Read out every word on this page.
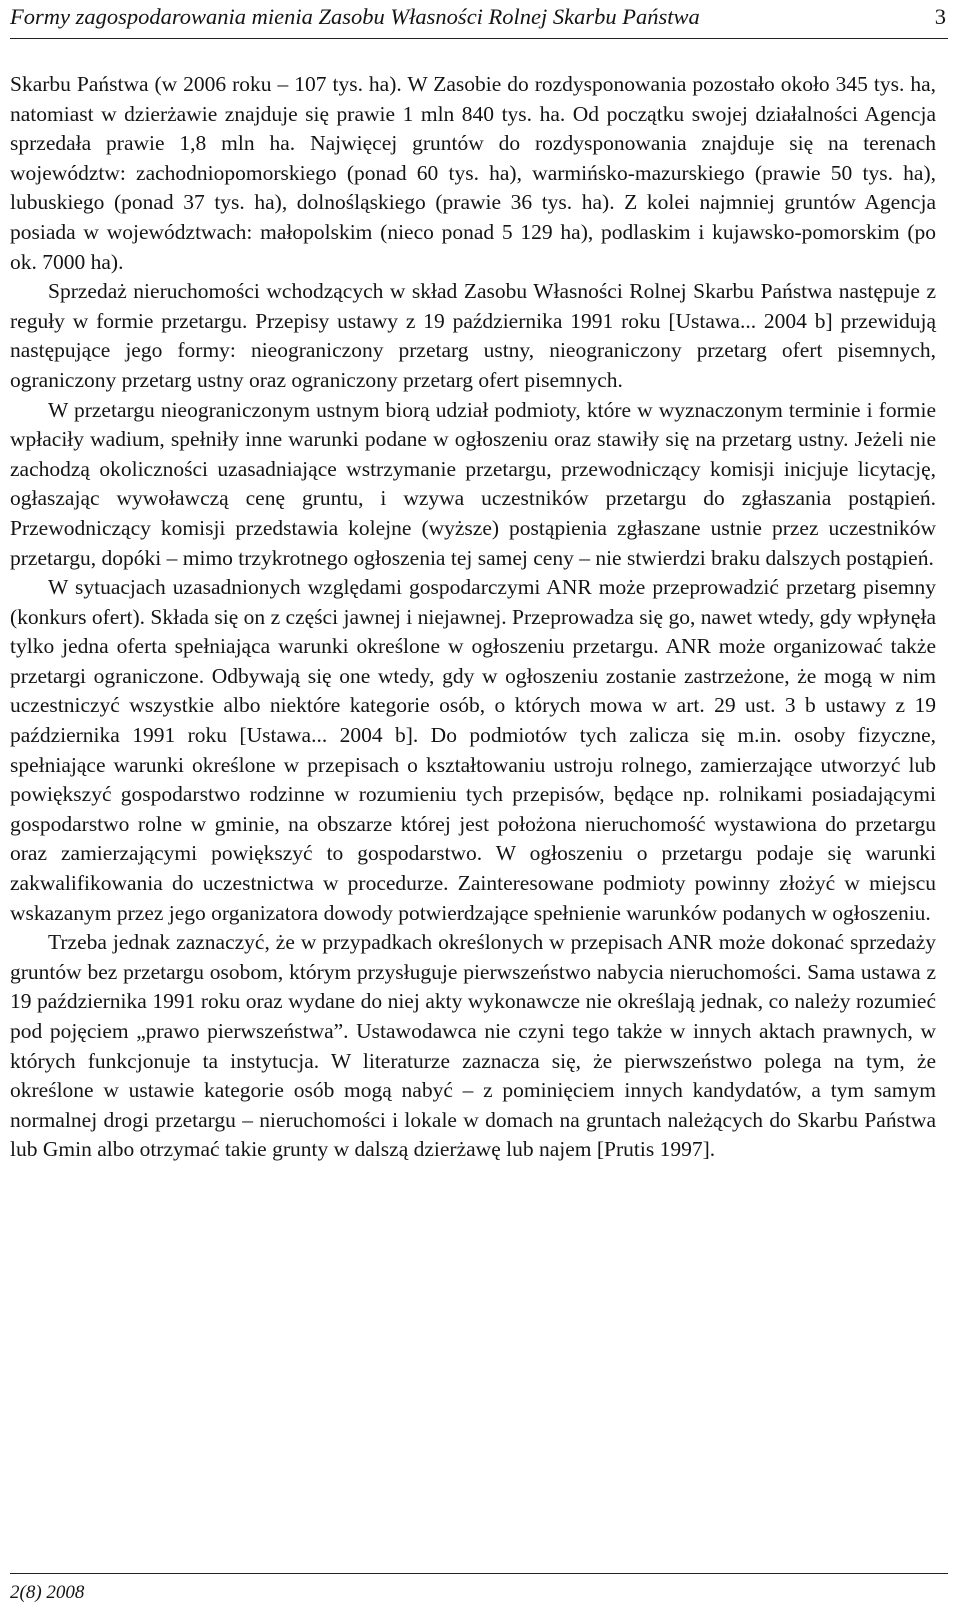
Formy zagospodarowania mienia Zasobu Własności Rolnej Skarbu Państwa	3

Skarbu Państwa (w 2006 roku – 107 tys. ha). W Zasobie do rozdysponowania pozostało około 345 tys. ha, natomiast w dzierżawie znajduje się prawie 1 mln 840 tys. ha. Od początku swojej działalności Agencja sprzedała prawie 1,8 mln ha. Najwięcej gruntów do rozdysponowania znajduje się na terenach województw: zachodniopomorskiego (ponad 60 tys. ha), warmińsko-mazurskiego (prawie 50 tys. ha), lubuskiego (ponad 37 tys. ha), dolnośląskiego (prawie 36 tys. ha). Z kolei najmniej gruntów Agencja posiada w województwach: małopolskim (nieco ponad 5 129 ha), podlaskim i kujawsko-pomorskim (po ok. 7000 ha).

Sprzedaż nieruchomości wchodzących w skład Zasobu Własności Rolnej Skarbu Państwa następuje z reguły w formie przetargu. Przepisy ustawy z 19 października 1991 roku [Ustawa... 2004 b] przewidują następujące jego formy: nieograniczony przetarg ustny, nieograniczony przetarg ofert pisemnych, ograniczony przetarg ustny oraz ograniczony przetarg ofert pisemnych.

W przetargu nieograniczonym ustnym biorą udział podmioty, które w wyznaczonym terminie i formie wpłaciły wadium, spełniły inne warunki podane w ogłoszeniu oraz stawiły się na przetarg ustny. Jeżeli nie zachodzą okoliczności uzasadniające wstrzymanie przetargu, przewodniczący komisji inicjuje licytację, ogłaszając wywoławczą cenę gruntu, i wzywa uczestników przetargu do zgłaszania postąpień. Przewodniczący komisji przedstawia kolejne (wyższe) postąpienia zgłaszane ustnie przez uczestników przetargu, dopóki – mimo trzykrotnego ogłoszenia tej samej ceny – nie stwierdzi braku dalszych postąpień.

W sytuacjach uzasadnionych względami gospodarczymi ANR może przeprowadzić przetarg pisemny (konkurs ofert). Składa się on z części jawnej i niejawnej. Przeprowadza się go, nawet wtedy, gdy wpłynęła tylko jedna oferta spełniająca warunki określone w ogłoszeniu przetargu. ANR może organizować także przetargi ograniczone. Odbywają się one wtedy, gdy w ogłoszeniu zostanie zastrzeżone, że mogą w nim uczestniczyć wszystkie albo niektóre kategorie osób, o których mowa w art. 29 ust. 3 b ustawy z 19 października 1991 roku [Ustawa... 2004 b]. Do podmiotów tych zalicza się m.in. osoby fizyczne, spełniające warunki określone w przepisach o kształtowaniu ustroju rolnego, zamierzające utworzyć lub powiększyć gospodarstwo rodzinne w rozumieniu tych przepisów, będące np. rolnikami posiadającymi gospodarstwo rolne w gminie, na obszarze której jest położona nieruchomość wystawiona do przetargu oraz zamierzającymi powiększyć to gospodarstwo. W ogłoszeniu o przetargu podaje się warunki zakwalifikowania do uczestnictwa w procedurze. Zainteresowane podmioty powinny złożyć w miejscu wskazanym przez jego organizatora dowody potwierdzające spełnienie warunków podanych w ogłoszeniu.

Trzeba jednak zaznaczyć, że w przypadkach określonych w przepisach ANR może dokonać sprzedaży gruntów bez przetargu osobom, którym przysługuje pierwszeństwo nabycia nieruchomości. Sama ustawa z 19 października 1991 roku oraz wydane do niej akty wykonawcze nie określają jednak, co należy rozumieć pod pojęciem „prawo pierwszeństwa”. Ustawodawca nie czyni tego także w innych aktach prawnych, w których funkcjonuje ta instytucja. W literaturze zaznacza się, że pierwszeństwo polega na tym, że określone w ustawie kategorie osób mogą nabyć – z pominięciem innych kandydatów, a tym samym normalnej drogi przetargu – nieruchomości i lokale w domach na gruntach należących do Skarbu Państwa lub Gmin albo otrzymać takie grunty w dalszą dzierżawę lub najem [Prutis 1997].

2(8) 2008
